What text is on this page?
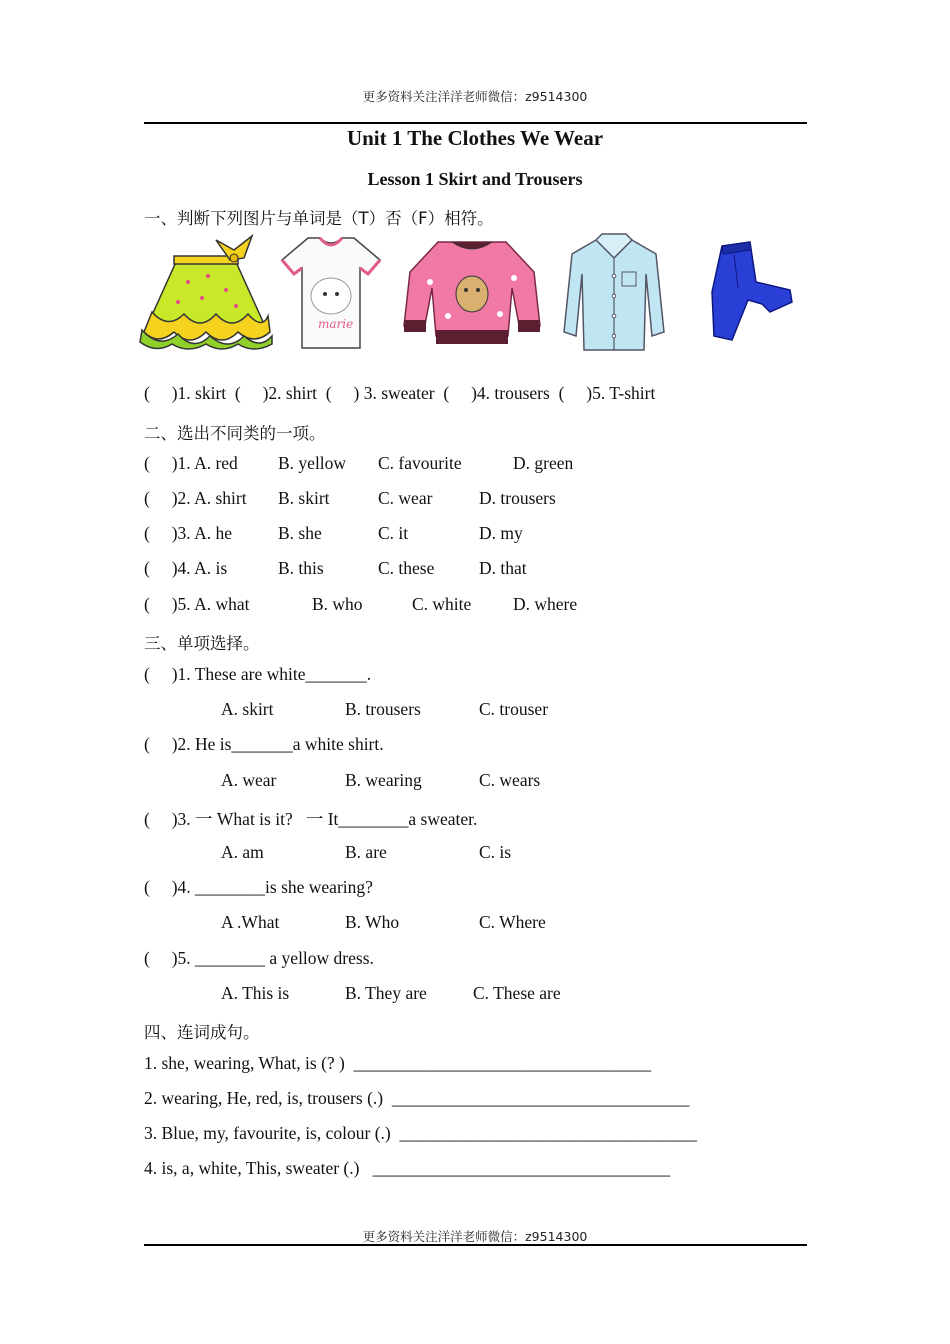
更多资料关注洋洋老师微信：z9514300
Unit 1 The Clothes We Wear
Lesson 1 Skirt and Trousers
一、判断下列图片与单词是（T）否（F）相符。
marie
(     )1. skirt  (     )2. shirt  (     ) 3. sweater  (     )4. trousers  (     )5. T-shirt
二、选出不同类的一项。
(     )1. A. red B. yellow C. favourite	D. green
(     )2. A. shirt B. skirt	C. wear	D. trousers
(     )3. A. he	B. she	C. it	D. my
(     )4. A. is	B. this	C. these	D. that
(     )5. A. what	B. who	C. white D. where
三、单项选择。
(     )1. These are white_______.
A. skirt	B. trousers	C. trouser
(     )2. He is_______a white shirt.
A. wear	B. wearing	C. wears
(     )3. 一 What is it?   一 It________a sweater.
A. am	B. are	C. is
(     )4. ________is she wearing?
A .What	B. Who	C. Where
(     )5. ________ a yellow dress.
A. This is	B. They are	C. These are
四、连词成句。
1. she, wearing, What, is (? )  __________________________________
2. wearing, He, red, is, trousers (.)  __________________________________
3. Blue, my, favourite, is, colour (.)  __________________________________
4. is, a, white, This, sweater (.)   __________________________________
更多资料关注洋洋老师微信：z9514300
